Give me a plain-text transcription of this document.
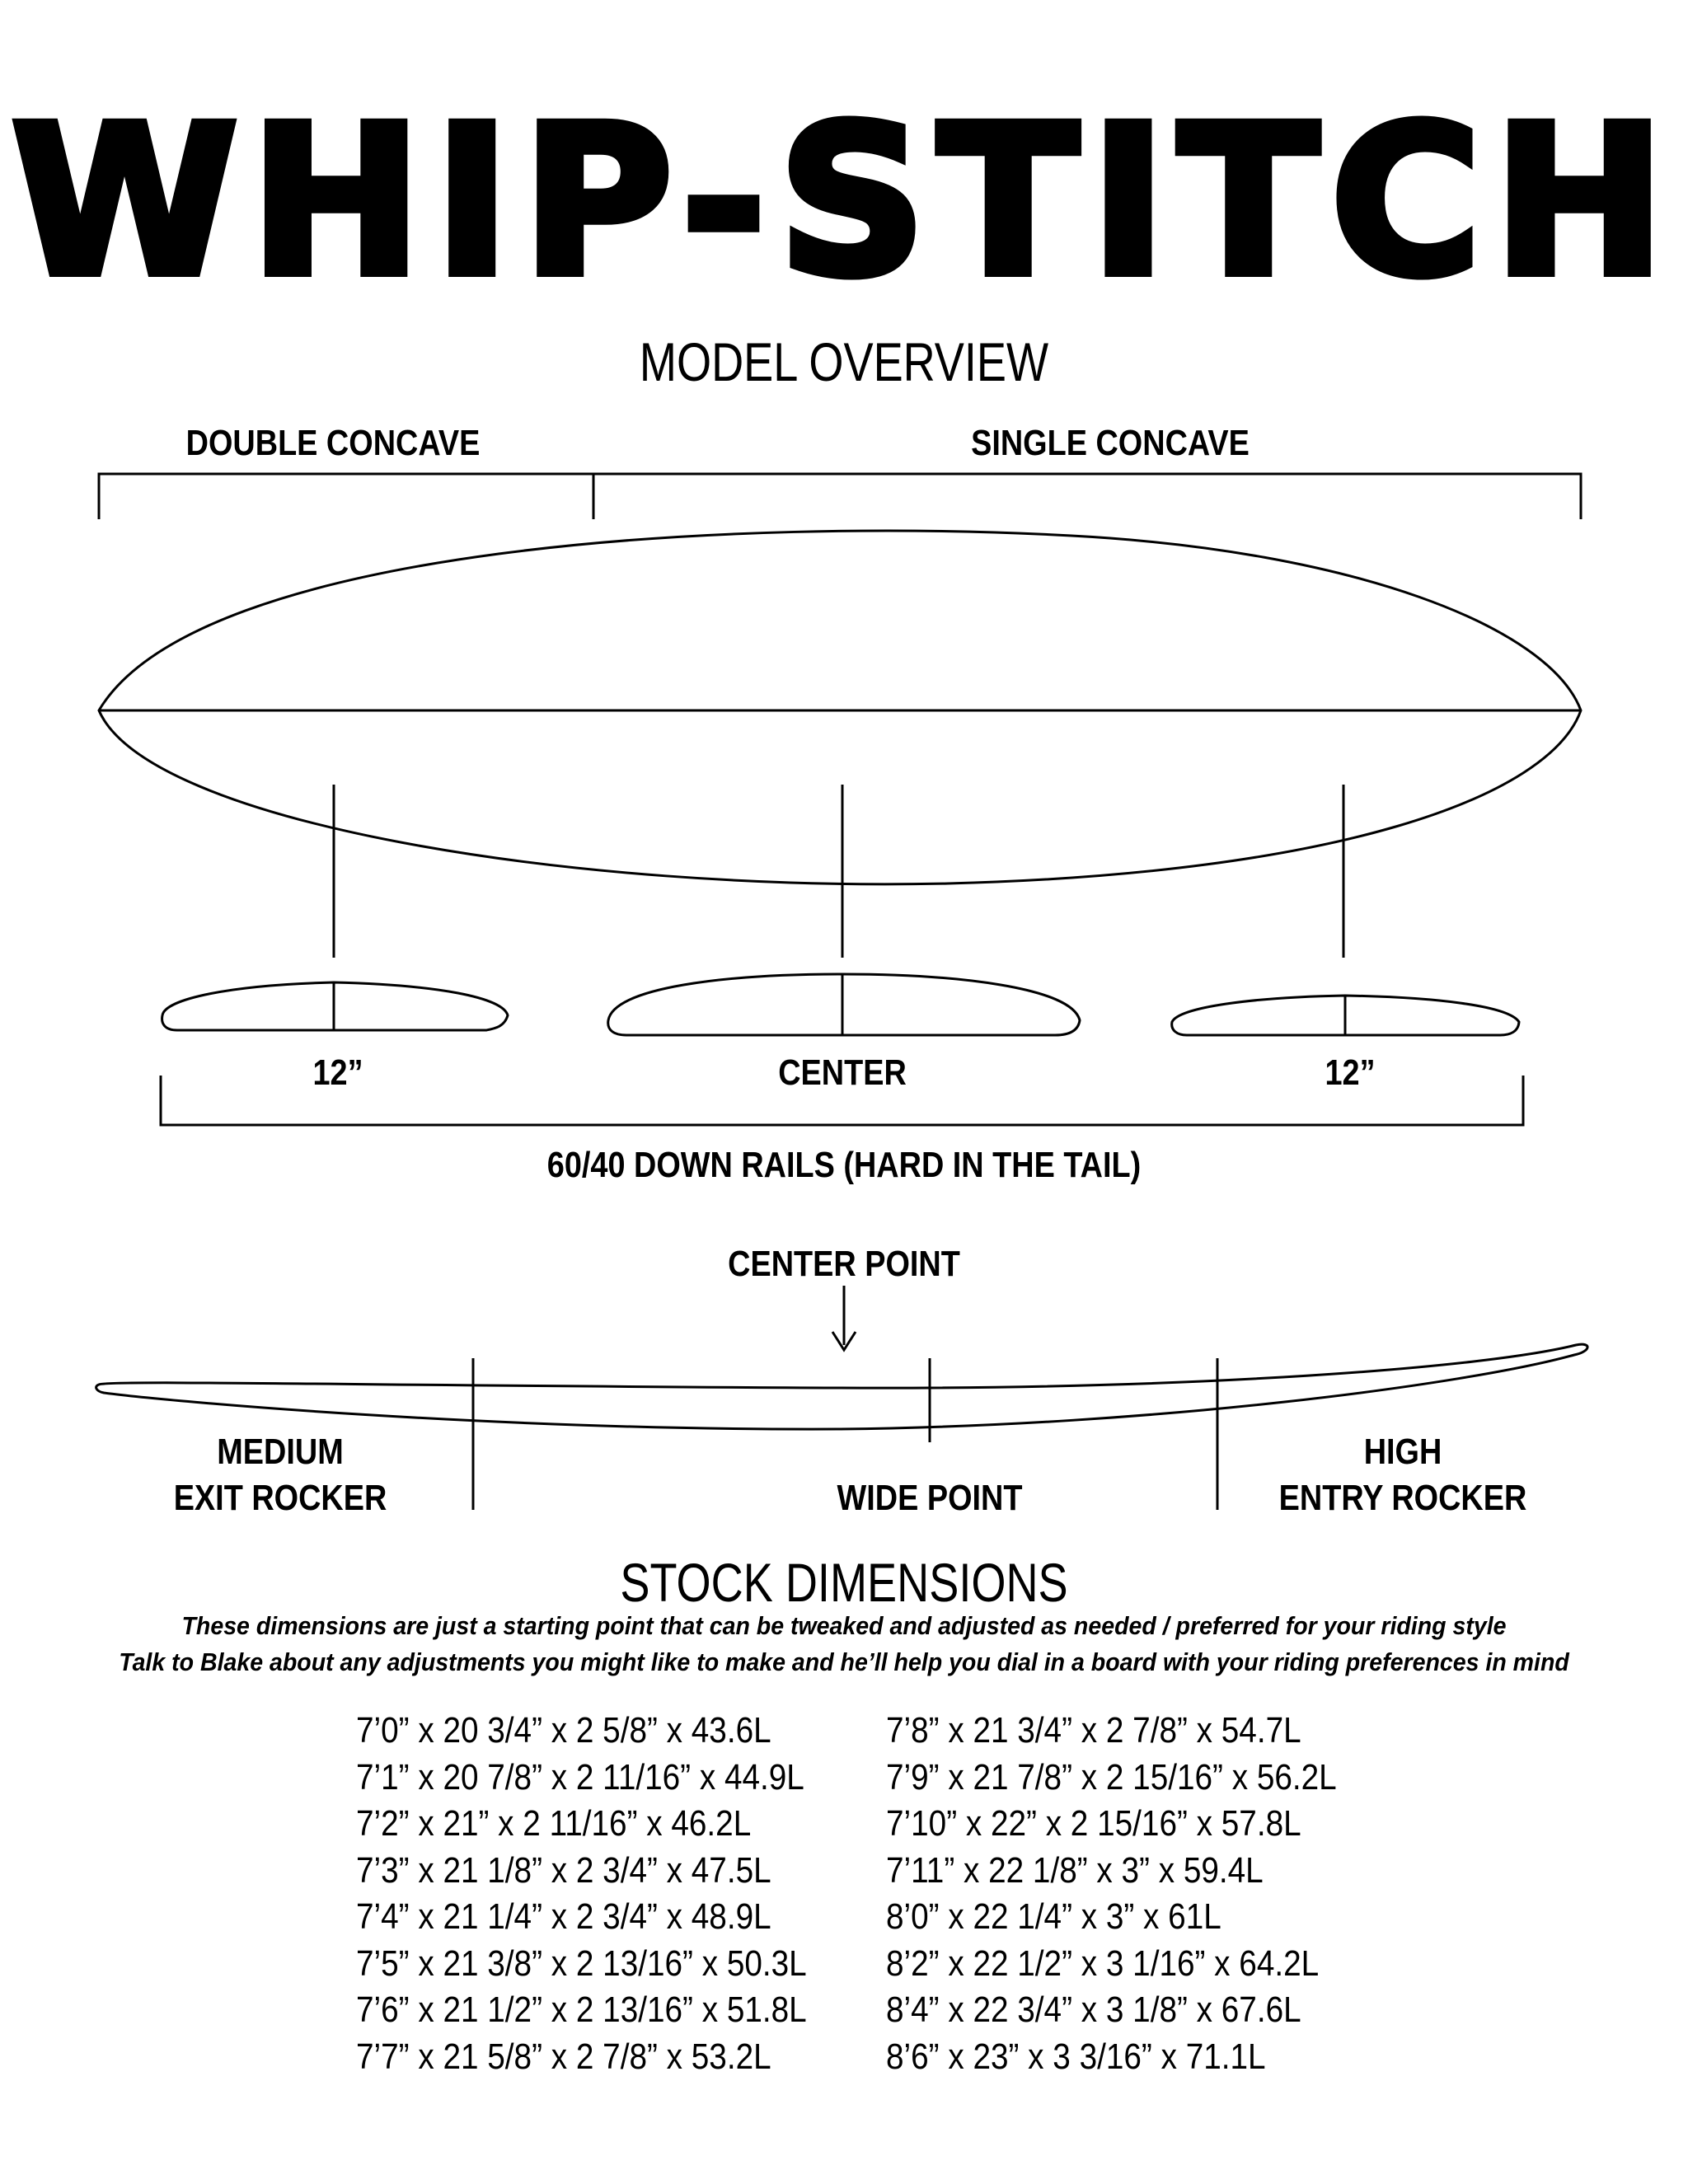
WHIP-STITCH
MODEL OVERVIEW
DOUBLE CONCAVE	SINGLE CONCAVE
12”	CENTER	12”
60/40 DOWN RAILS (HARD IN THE TAIL)
CENTER POINT
MEDIUM
EXIT ROCKER	WIDE POINT
HIGH
ENTRY ROCKER
STOCK DIMENSIONS
These dimensions are just a starting point that can be tweaked and adjusted as needed / preferred for your riding style
Talk to Blake about any adjustments you might like to make and he’ll help you dial in a board with your riding preferences in mind
7’0” x 20 3/4” x 2 5/8” x 43.6L
7’1” x 20 7/8” x 2 11/16” x 44.9L
7’2” x 21” x 2 11/16” x 46.2L
7’3” x 21 1/8” x 2 3/4” x 47.5L
7’4” x 21 1/4” x 2 3/4” x 48.9L
7’5” x 21 3/8” x 2 13/16” x 50.3L
7’6” x 21 1/2” x 2 13/16” x 51.8L
7’7” x 21 5/8” x 2 7/8” x 53.2L
7’8” x 21 3/4” x 2 7/8” x 54.7L
7’9” x 21 7/8” x 2 15/16” x 56.2L
7’10” x 22” x 2 15/16” x 57.8L
7’11” x 22 1/8” x 3” x 59.4L
8’0” x 22 1/4” x 3” x 61L
8’2” x 22 1/2” x 3 1/16” x 64.2L
8’4” x 22 3/4” x 3 1/8” x 67.6L
8’6” x 23” x 3 3/16” x 71.1L
